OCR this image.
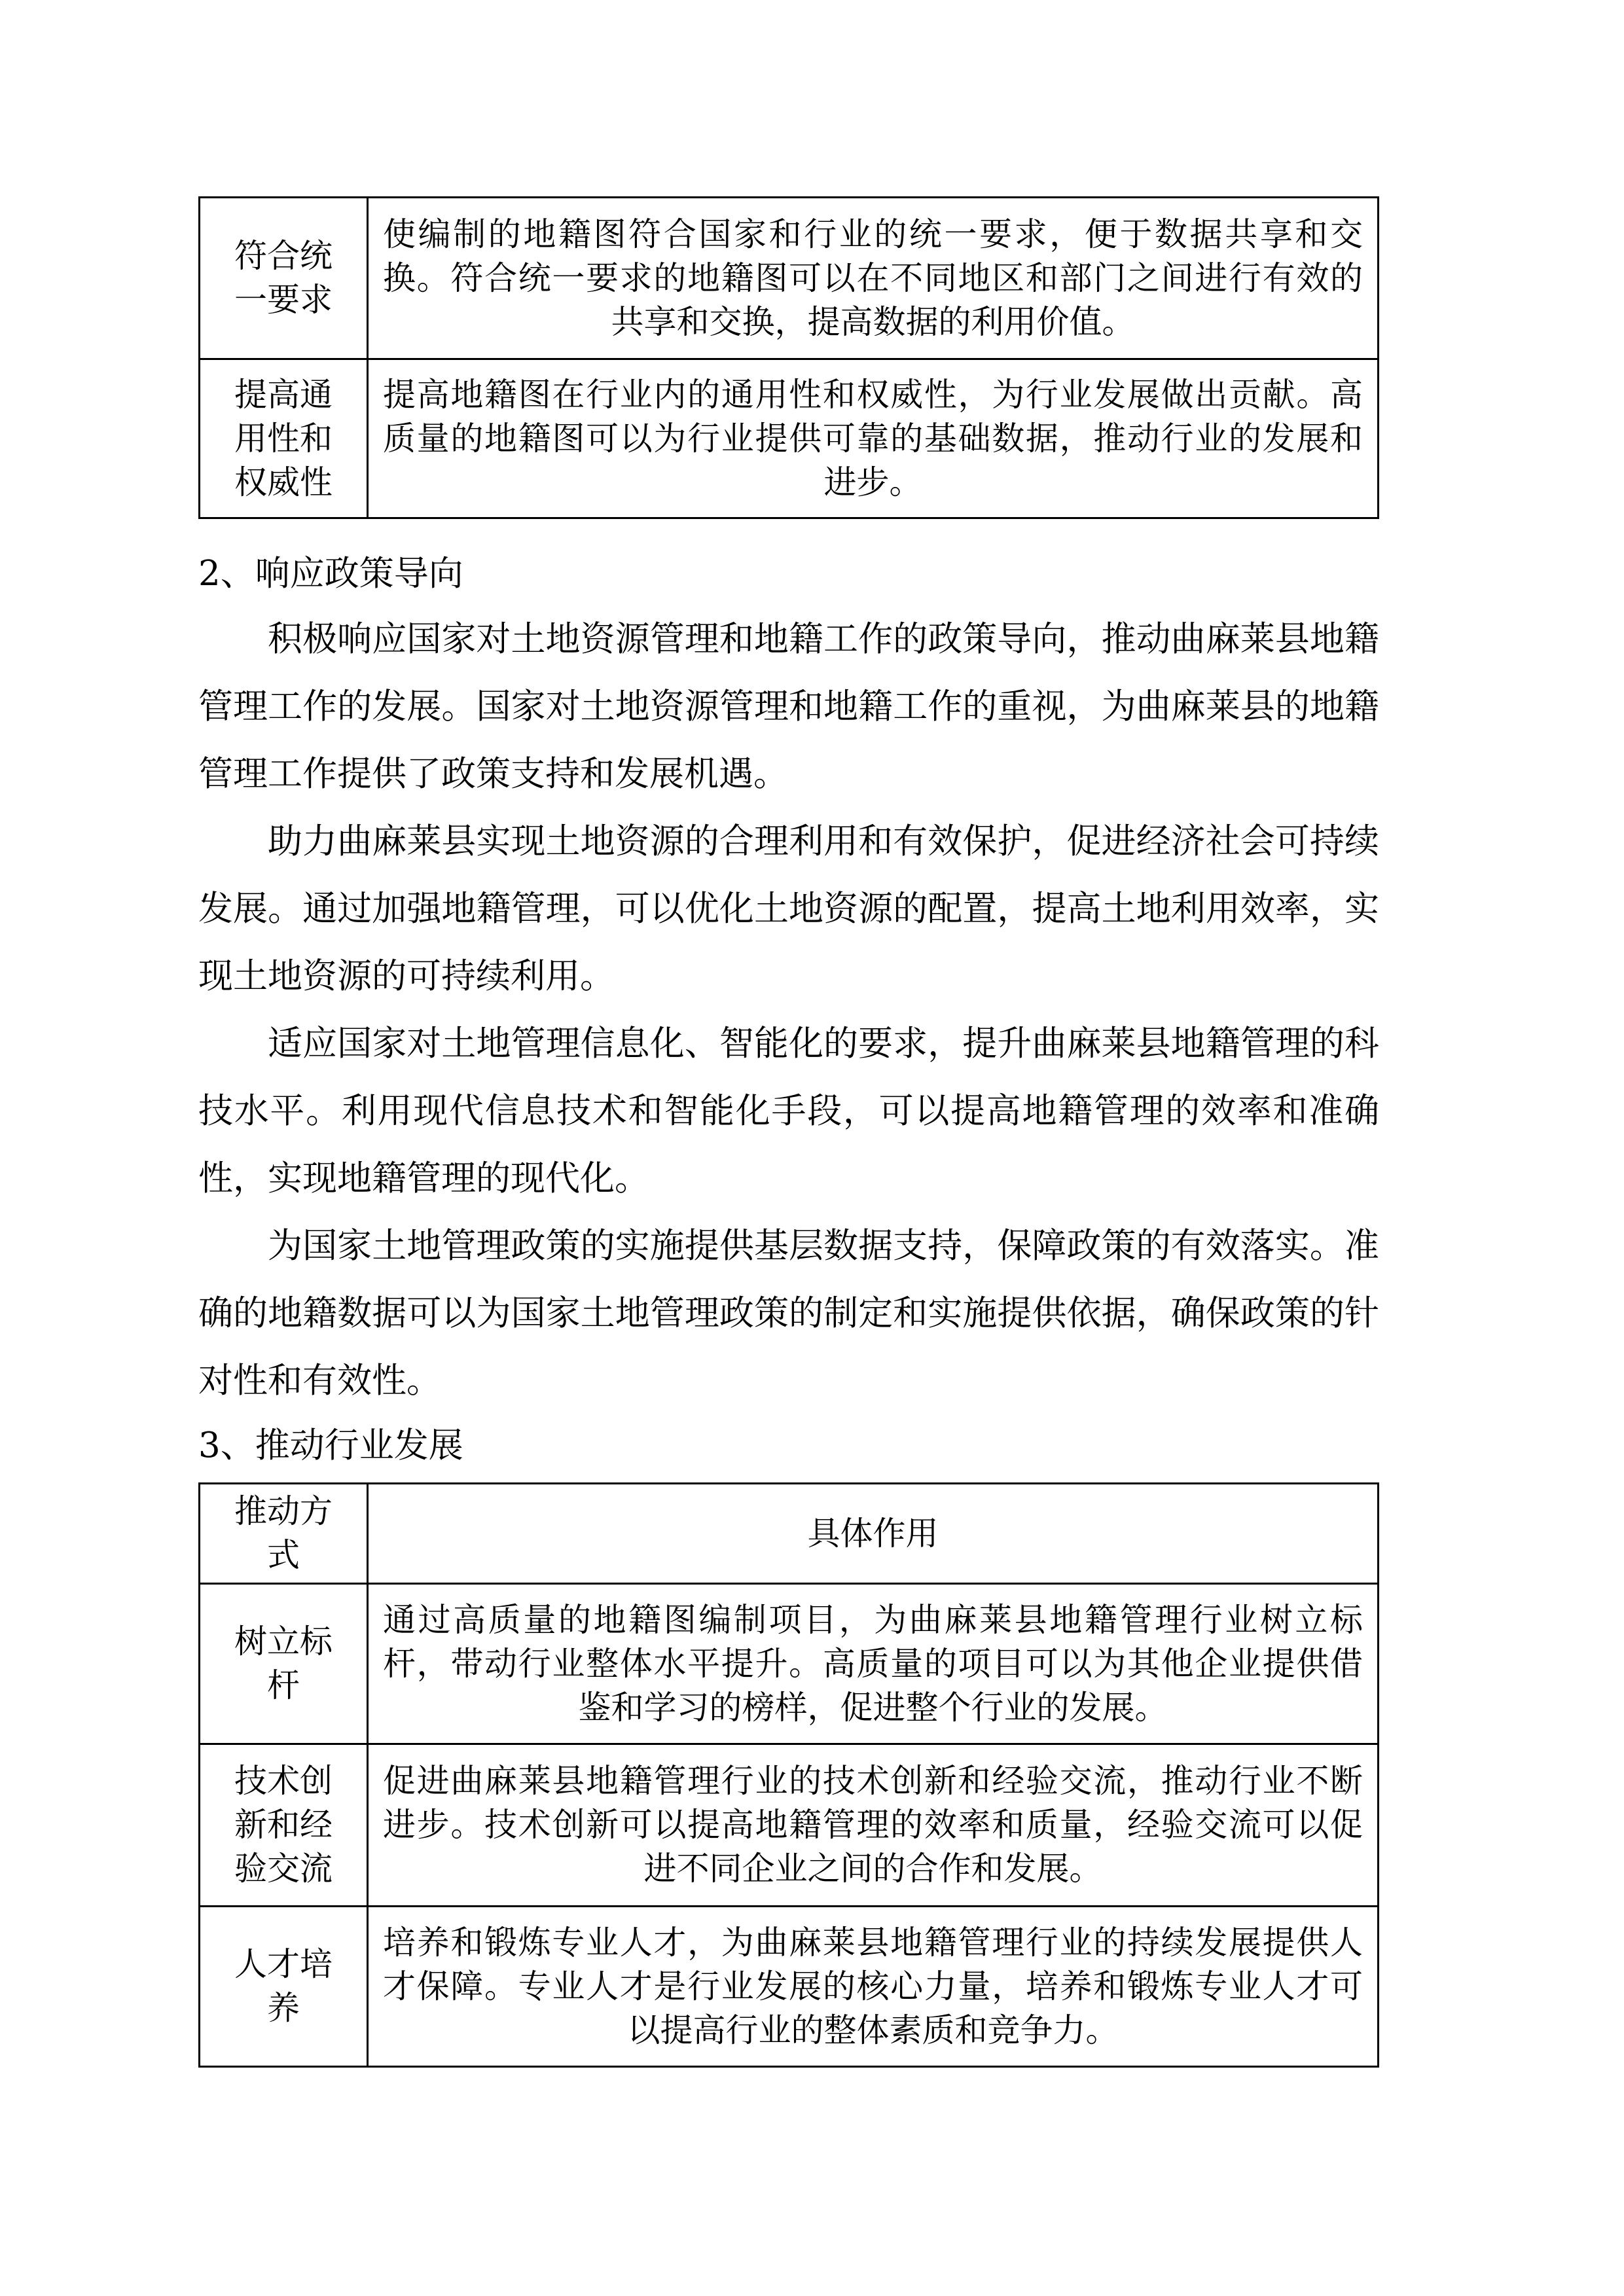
符合统一要求	使编制的地籍图符合国家和行业的统一要求，便于数据共享和交换。符合统一要求的地籍图可以在不同地区和部门之间进行有效的共享和交换，提高数据的利用价值。
提高通用性和权威性	提高地籍图在行业内的通用性和权威性，为行业发展做出贡献。高质量的地籍图可以为行业提供可靠的基础数据，推动行业的发展和进步。
2、响应政策导向

积极响应国家对土地资源管理和地籍工作的政策导向，推动曲麻莱县地籍管理工作的发展。国家对土地资源管理和地籍工作的重视，为曲麻莱县的地籍管理工作提供了政策支持和发展机遇。

助力曲麻莱县实现土地资源的合理利用和有效保护，促进经济社会可持续发展。通过加强地籍管理，可以优化土地资源的配置，提高土地利用效率，实现土地资源的可持续利用。

适应国家对土地管理信息化、智能化的要求，提升曲麻莱县地籍管理的科技水平。利用现代信息技术和智能化手段，可以提高地籍管理的效率和准确性，实现地籍管理的现代化。

为国家土地管理政策的实施提供基层数据支持，保障政策的有效落实。准确的地籍数据可以为国家土地管理政策的制定和实施提供依据，确保政策的针对性和有效性。

3、推动行业发展
推动方式	具体作用
树立标杆	通过高质量的地籍图编制项目，为曲麻莱县地籍管理行业树立标杆，带动行业整体水平提升。高质量的项目可以为其他企业提供借鉴和学习的榜样，促进整个行业的发展。
技术创新和经验交流	促进曲麻莱县地籍管理行业的技术创新和经验交流，推动行业不断进步。技术创新可以提高地籍管理的效率和质量，经验交流可以促进不同企业之间的合作和发展。
人才培养	培养和锻炼专业人才，为曲麻莱县地籍管理行业的持续发展提供人才保障。专业人才是行业发展的核心力量，培养和锻炼专业人才可以提高行业的整体素质和竞争力。
